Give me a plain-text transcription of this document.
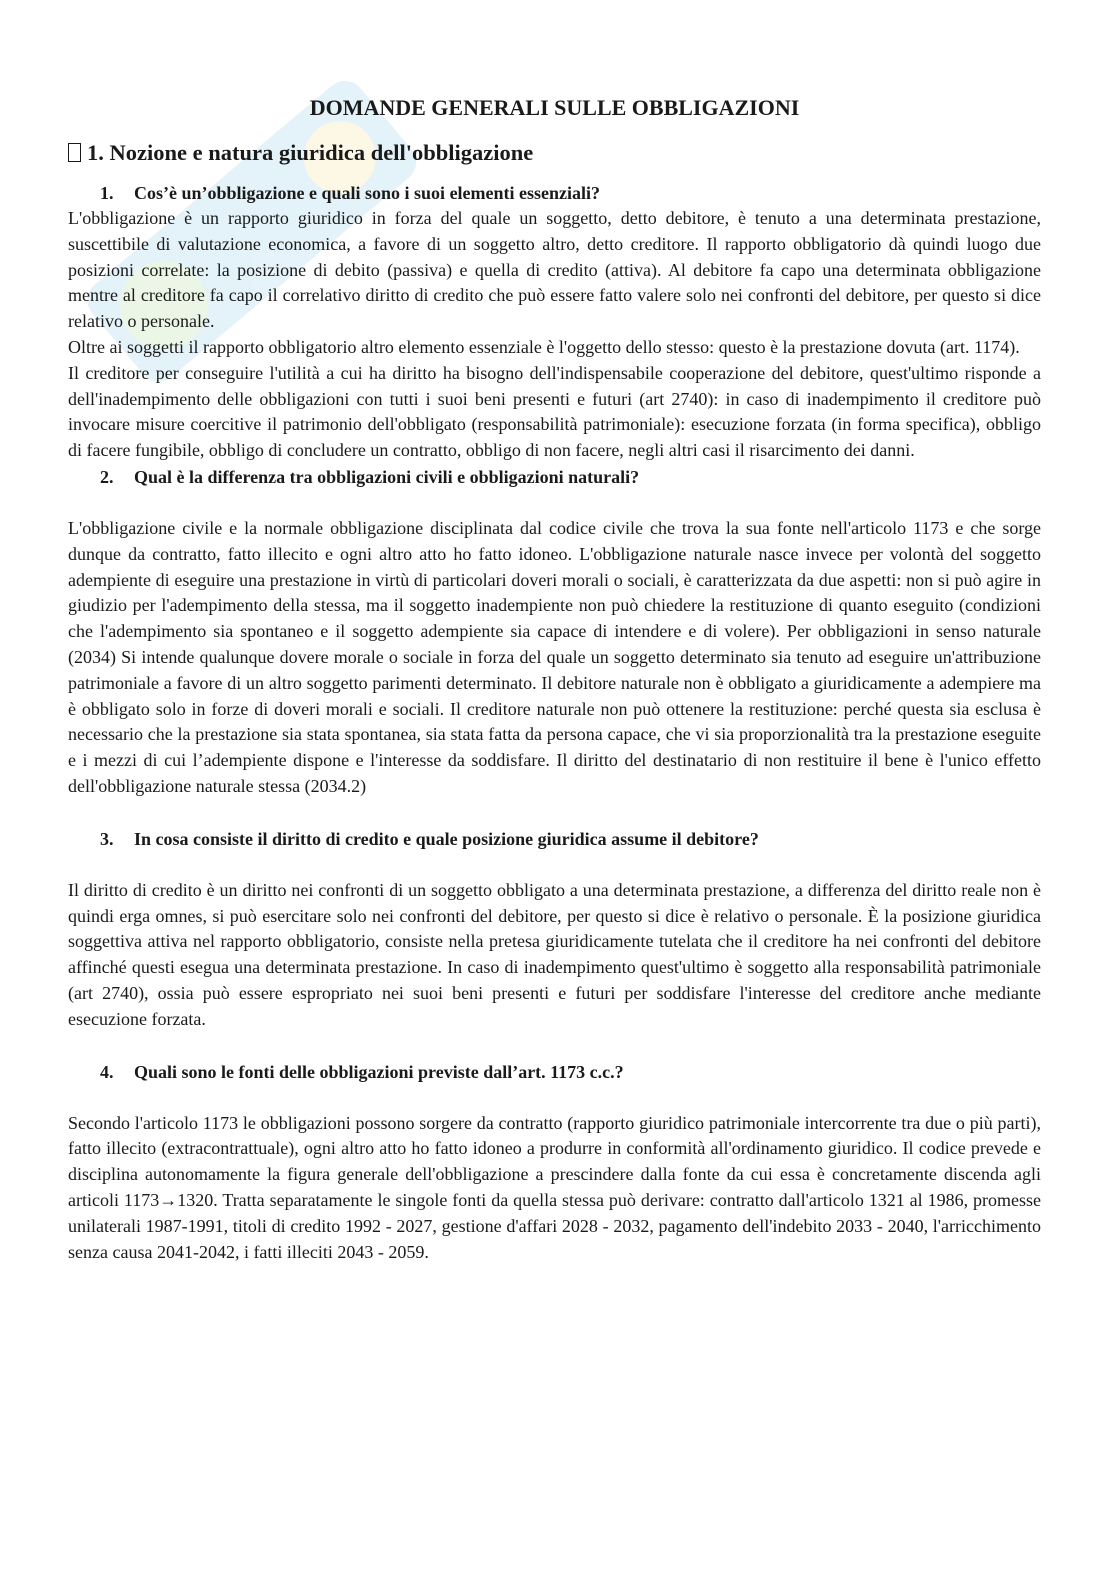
DOMANDE GENERALI SULLE OBBLIGAZIONI
1. Nozione e natura giuridica dell'obbligazione
1. Cos’è un’obbligazione e quali sono i suoi elementi essenziali?

L'obbligazione è un rapporto giuridico in forza del quale un soggetto, detto debitore, è tenuto a una determinata prestazione, suscettibile di valutazione economica, a favore di un soggetto altro, detto creditore. Il rapporto obbligatorio dà quindi luogo due posizioni correlate: la posizione di debito (passiva) e quella di credito (attiva). Al debitore fa capo una determinata obbligazione mentre al creditore fa capo il correlativo diritto di credito che può essere fatto valere solo nei confronti del debitore, per questo si dice relativo o personale.

Oltre ai soggetti il rapporto obbligatorio altro elemento essenziale è l'oggetto dello stesso: questo è la prestazione dovuta (art. 1174).

Il creditore per conseguire l'utilità a cui ha diritto ha bisogno dell'indispensabile cooperazione del debitore, quest'ultimo risponde a dell'inadempimento delle obbligazioni con tutti i suoi beni presenti e futuri (art 2740): in caso di inadempimento il creditore può invocare misure coercitive il patrimonio dell'obbligato (responsabilità patrimoniale): esecuzione forzata (in forma specifica), obbligo di facere fungibile, obbligo di concludere un contratto, obbligo di non facere, negli altri casi il risarcimento dei danni.

2. Qual è la differenza tra obbligazioni civili e obbligazioni naturali?

L'obbligazione civile e la normale obbligazione disciplinata dal codice civile che trova la sua fonte nell'articolo 1173 e che sorge dunque da contratto, fatto illecito e ogni altro atto ho fatto idoneo. L'obbligazione naturale nasce invece per volontà del soggetto adempiente di eseguire una prestazione in virtù di particolari doveri morali o sociali, è caratterizzata da due aspetti: non si può agire in giudizio per l'adempimento della stessa, ma il soggetto inadempiente non può chiedere la restituzione di quanto eseguito (condizioni che l'adempimento sia spontaneo e il soggetto adempiente sia capace di intendere e di volere). Per obbligazioni in senso naturale (2034) Si intende qualunque dovere morale o sociale in forza del quale un soggetto determinato sia tenuto ad eseguire un'attribuzione patrimoniale a favore di un altro soggetto parimenti determinato. Il debitore naturale non è obbligato a giuridicamente a adempiere ma è obbligato solo in forze di doveri morali e sociali. Il creditore naturale non può ottenere la restituzione: perché questa sia esclusa è necessario che la prestazione sia stata spontanea, sia stata fatta da persona capace, che vi sia proporzionalità tra la prestazione eseguite e i mezzi di cui l’adempiente dispone e l'interesse da soddisfare. Il diritto del destinatario di non restituire il bene è l'unico effetto dell'obbligazione naturale stessa (2034.2)

3. In cosa consiste il diritto di credito e quale posizione giuridica assume il debitore?

Il diritto di credito è un diritto nei confronti di un soggetto obbligato a una determinata prestazione, a differenza del diritto reale non è quindi erga omnes, si può esercitare solo nei confronti del debitore, per questo si dice è relativo o personale. È la posizione giuridica soggettiva attiva nel rapporto obbligatorio, consiste nella pretesa giuridicamente tutelata che il creditore ha nei confronti del debitore affinché questi esegua una determinata prestazione. In caso di inadempimento quest'ultimo è soggetto alla responsabilità patrimoniale (art 2740), ossia può essere espropriato nei suoi beni presenti e futuri per soddisfare l'interesse del creditore anche mediante esecuzione forzata.

4. Quali sono le fonti delle obbligazioni previste dall’art. 1173 c.c.?

Secondo l'articolo 1173 le obbligazioni possono sorgere da contratto (rapporto giuridico patrimoniale intercorrente tra due o più parti), fatto illecito (extracontrattuale), ogni altro atto ho fatto idoneo a produrre in conformità all'ordinamento giuridico. Il codice prevede e disciplina autonomamente la figura generale dell'obbligazione a prescindere dalla fonte da cui essa è concretamente discenda agli articoli 1173→1320. Tratta separatamente le singole fonti da quella stessa può derivare: contratto dall'articolo 1321 al 1986, promesse unilaterali 1987-1991, titoli di credito 1992 - 2027, gestione d'affari 2028 - 2032, pagamento dell'indebito 2033 - 2040, l'arricchimento senza causa 2041-2042, i fatti illeciti 2043 - 2059.
